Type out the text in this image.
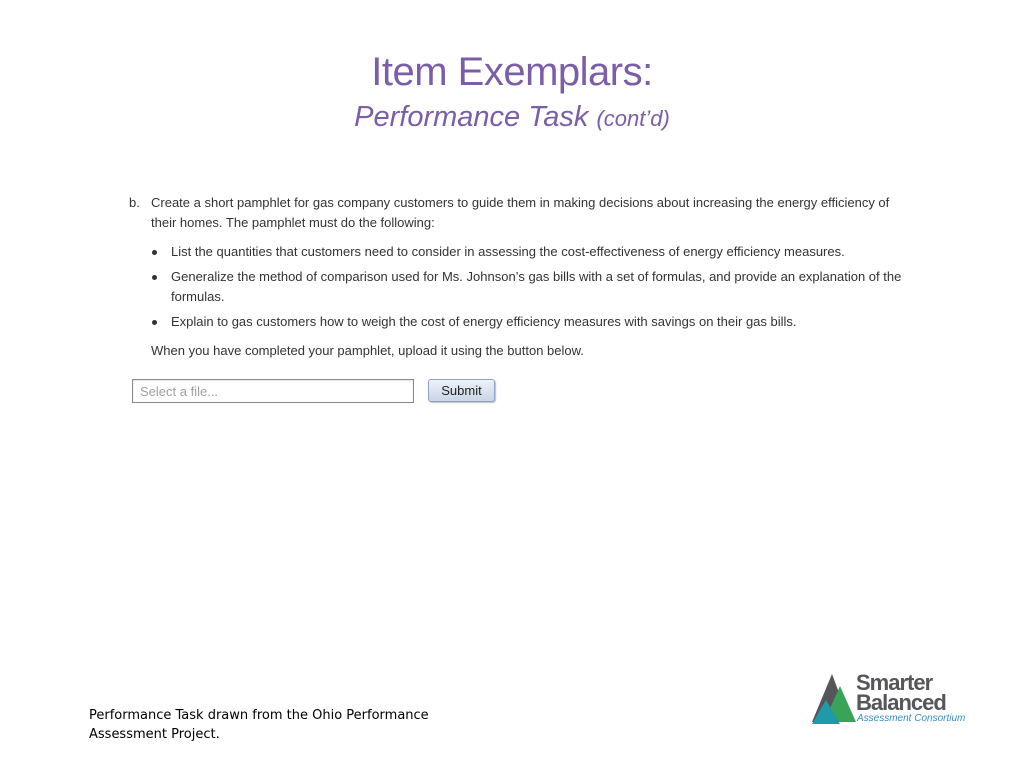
Item Exemplars:
Performance Task (cont’d)
b. Create a short pamphlet for gas company customers to guide them in making decisions about increasing the energy efficiency of their homes. The pamphlet must do the following:

List the quantities that customers need to consider in assessing the cost-effectiveness of energy efficiency measures.
Generalize the method of comparison used for Ms. Johnson’s gas bills with a set of formulas, and provide an explanation of the formulas.
Explain to gas customers how to weigh the cost of energy efficiency measures with savings on their gas bills.

When you have completed your pamphlet, upload it using the button below.

Select a file...	Submit
Performance Task drawn from the Ohio Performance
Assessment Project.
Smarter
Balanced
Assessment Consortium
